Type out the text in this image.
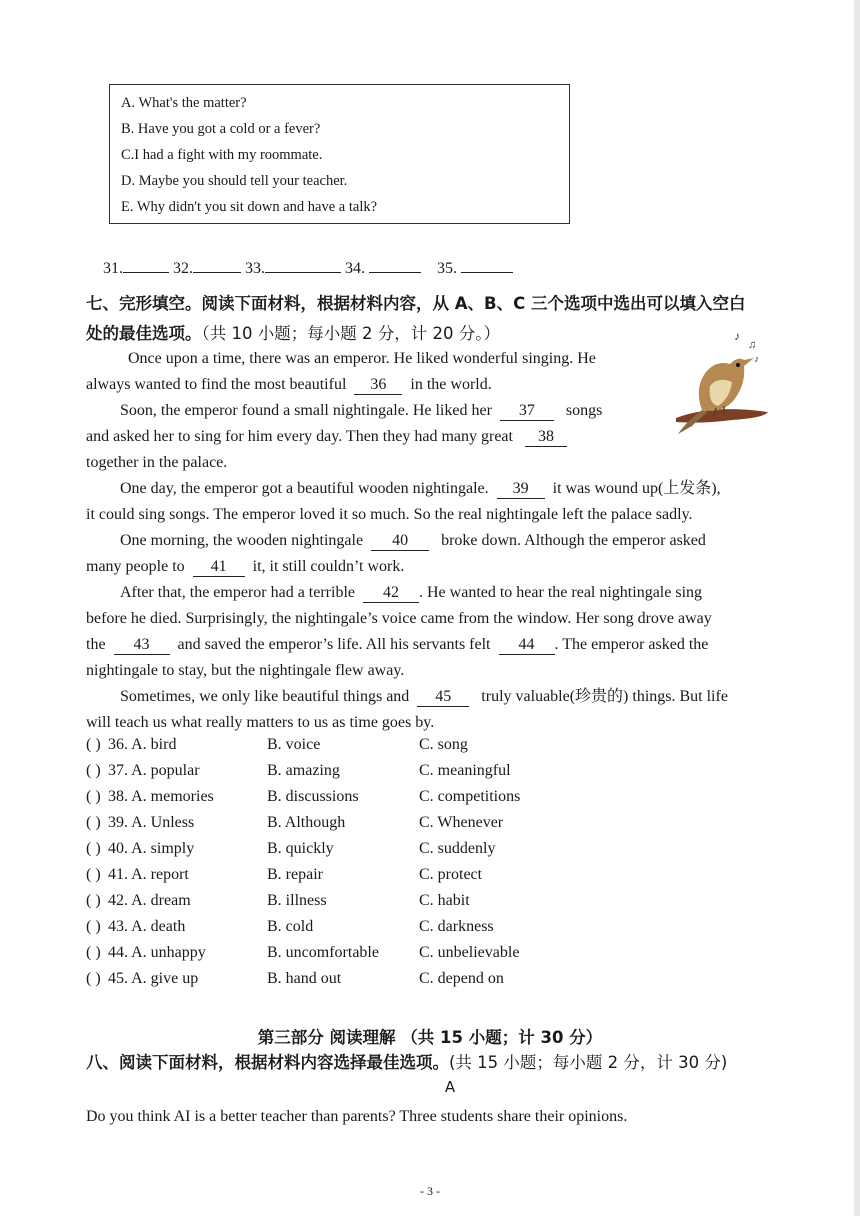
A. What's the matter?
B. Have you got a cold or a fever?
C.I had a fight with my roommate.
D. Maybe you should tell your teacher.
E. Why didn't you sit down and have a talk?
31.	32.	33.	34.	35.
七、完形填空。阅读下面材料，根据材料内容，从 A、B、C 三个选项中选出可以填入空白
处的最佳选项。（共 10 小题；每小题 2 分，计 20 分。）	♪
♫
♪
Once upon a time, there was an emperor. He liked wonderful singing. He
always wanted to find the most beautiful 36 in the world.
Soon, the emperor found a small nightingale. He liked her 37 songs
and asked her to sing for him every day. Then they had many great 38
together in the palace.
One day, the emperor got a beautiful wooden nightingale. 39 it was wound up(上发条),
it could sing songs. The emperor loved it so much. So the real nightingale left the palace sadly.
One morning, the wooden nightingale 40 broke down. Although the emperor asked
many people to 41 it, it still couldn’t work.
After that, the emperor had a terrible 42 . He wanted to hear the real nightingale sing
before he died. Surprisingly, the nightingale’s voice came from the window. Her song drove away
the 43 and saved the emperor’s life. All his servants felt 44 . The emperor asked the
nightingale to stay, but the nightingale flew away.
Sometimes, we only like beautiful things and 45 truly valuable(珍贵的) things. But life
will teach us what really matters to us as time goes by.
( ) 36. A. bird	B. voice	C. song
( ) 37. A. popular	B. amazing	C. meaningful
( ) 38. A. memories	B. discussions	C. competitions
( ) 39. A. Unless	B. Although	C. Whenever
( ) 40. A. simply	B. quickly	C. suddenly
( ) 41. A. report	B. repair	C. protect
( ) 42. A. dream	B. illness	C. habit
( ) 43. A. death	B. cold	C. darkness
( ) 44. A. unhappy	B. uncomfortable	C. unbelievable
( ) 45. A. give up	B. hand out	C. depend on
第三部分 阅读理解 （共 15 小题；计 30 分）
八、阅读下面材料，根据材料内容选择最佳选项。(共 15 小题；每小题 2 分，计 30 分)
A
Do you think AI is a better teacher than parents? Three students share their opinions.
- 3 -
